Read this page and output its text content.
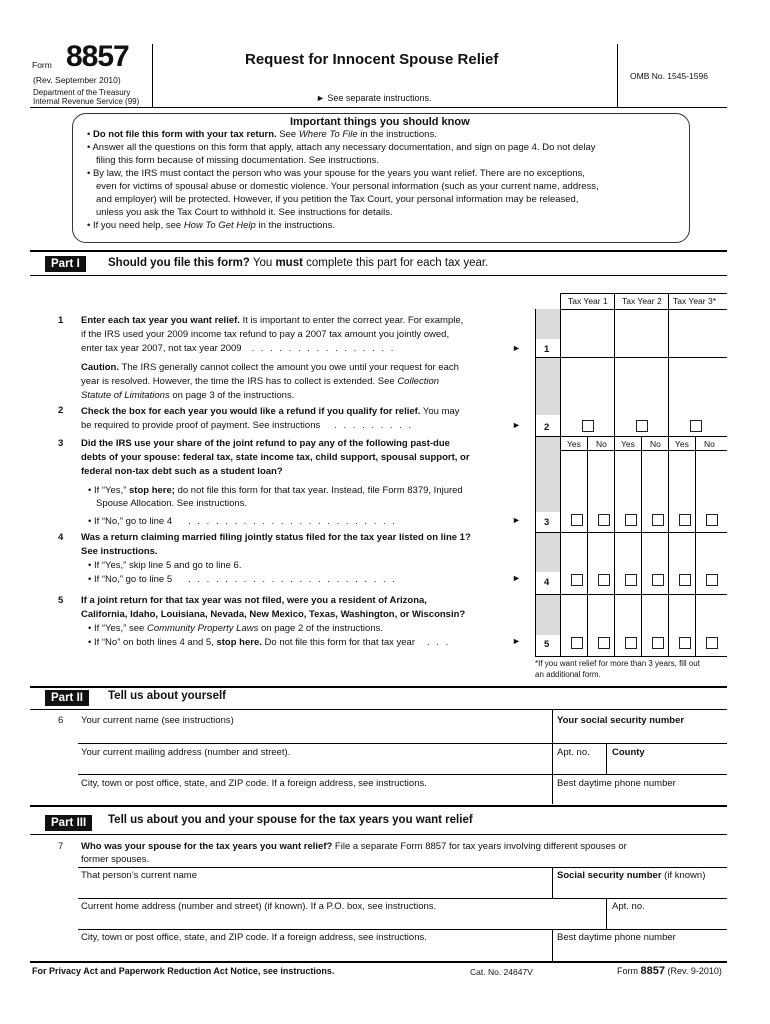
Form 8857
(Rev. September 2010)
Department of the Treasury
Internal Revenue Service (99)
Request for Innocent Spouse Relief
► See separate instructions.
OMB No. 1545-1596
Important things you should know
• Do not file this form with your tax return. See Where To File in the instructions.
• Answer all the questions on this form that apply, attach any necessary documentation, and sign on page 4. Do not delay
filing this form because of missing documentation. See instructions.
• By law, the IRS must contact the person who was your spouse for the years you want relief. There are no exceptions,
even for victims of spousal abuse or domestic violence. Your personal information (such as your current name, address,
and employer) will be protected. However, if you petition the Tax Court, your personal information may be released,
unless you ask the Tax Court to withhold it. See instructions for details.
• If you need help, see How To Get Help in the instructions.
Part I	Should you file this form? You must complete this part for each tax year.
Tax Year 1 Tax Year 2 Tax Year 3*
Yes No Yes No Yes No
1 Enter each tax year you want relief. It is important to enter the correct year. For example,
if the IRS used your 2009 income tax refund to pay a 2007 tax amount you jointly owed,
enter tax year 2007, not tax year 2009 . . . . . . . . . . . . . . . .	► 1
Caution. The IRS generally cannot collect the amount you owe until your request for each
year is resolved. However, the time the IRS has to collect is extended. See Collection
Statute of Limitations on page 3 of the instructions.
2 Check the box for each year you would like a refund if you qualify for relief. You may
be required to provide proof of payment. See instructions . . . . . . . . .	► 2
3 Did the IRS use your share of the joint refund to pay any of the following past-due
debts of your spouse: federal tax, state income tax, child support, spousal support, or
federal non-tax debt such as a student loan?
• If “Yes,” stop here; do not file this form for that tax year. Instead, file Form 8379, Injured
Spouse Allocation. See instructions.
• If “No,” go to line 4 . . . . . . . . . . . . . . . . . . . . . . .	► 3
4 Was a return claiming married filing jointly status filed for the tax year listed on line 1?
See instructions.
• If “Yes,” skip line 5 and go to line 6.
• If “No,” go to line 5 . . . . . . . . . . . . . . . . . . . . . . .	► 4
5 If a joint return for that tax year was not filed, were you a resident of Arizona,
California, Idaho, Louisiana, Nevada, New Mexico, Texas, Washington, or Wisconsin?
• If “Yes,” see Community Property Laws on page 2 of the instructions.
• If “No” on both lines 4 and 5, stop here. Do not file this form for that tax year . . .	► 5
*If you want relief for more than 3 years, fill out
an additional form.
Part II	Tell us about yourself
6 Your current name (see instructions)	Your social security number
Your current mailing address (number and street).	Apt. no. County
City, town or post office, state, and ZIP code. If a foreign address, see instructions.	Best daytime phone number
Part III	Tell us about you and your spouse for the tax years you want relief
7 Who was your spouse for the tax years you want relief? File a separate Form 8857 for tax years involving different spouses or
former spouses.
That person’s current name	Social security number (if known)
Current home address (number and street) (if known). If a P.O. box, see instructions.	Apt. no.
City, town or post office, state, and ZIP code. If a foreign address, see instructions.	Best daytime phone number
For Privacy Act and Paperwork Reduction Act Notice, see instructions.	Cat. No. 24647V	Form 8857 (Rev. 9-2010)
